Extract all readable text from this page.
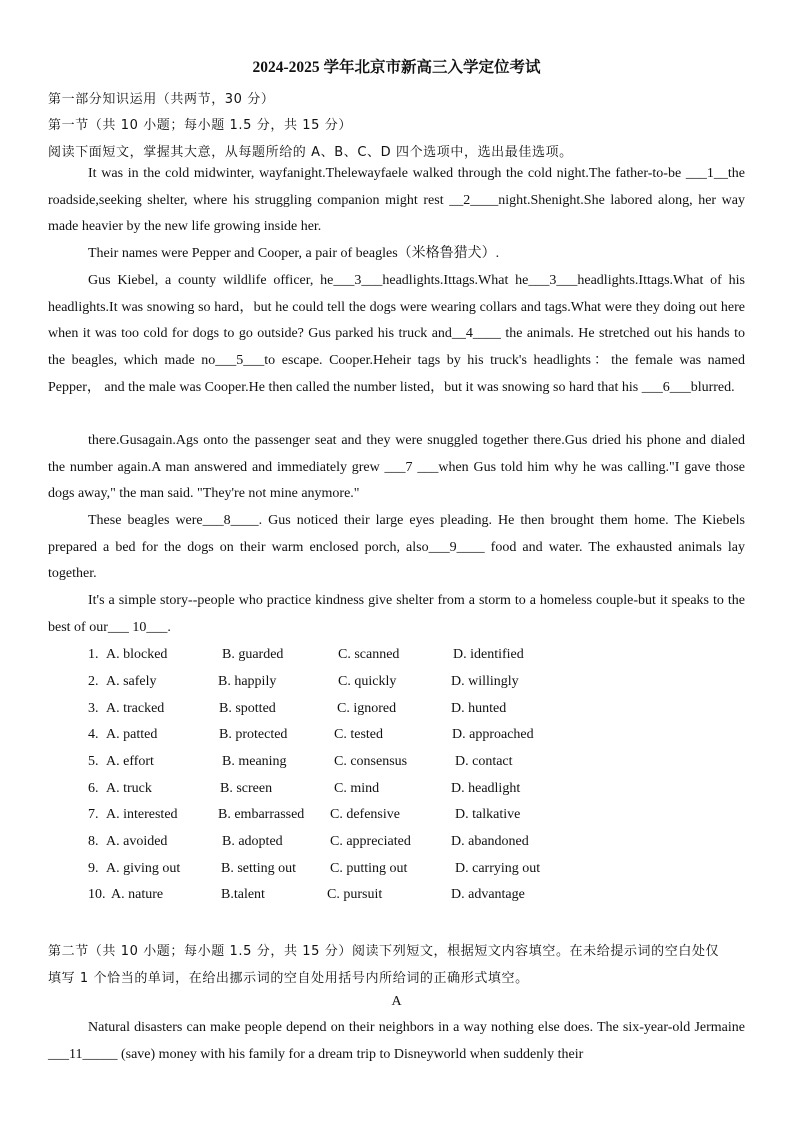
2024-2025 学年北京市新高三入学定位考试
第一部分知识运用（共两节，30 分）
第一节（共 10 小题；每小题 1.5 分，共 15 分）
阅读下面短文，掌握其大意，从每题所给的 A、B、C、D 四个选项中，选出最佳选项。

It was in the cold midwinter, wayfanight.Thelewayfaele walked through the cold night.The father-to-be ___1__the roadside,seeking shelter, where his struggling companion might rest __2____night.Shenight.She labored along, her way made heavier by the new life growing inside her.

Their names were Pepper and Cooper, a pair of beagles（米格鲁猎犬）.

Gus Kiebel, a county wildlife officer, he___3___headlights.Ittags.What he___3___headlights.Ittags.What of his headlights.It was snowing so hard，but he could tell the dogs were wearing collars and tags.What were they doing out here when it was too cold for dogs to go outside? Gus parked his truck and__4____ the animals. He stretched out his hands to the beagles, which made no___5___to escape. Cooper.Heheir tags by his truck's headlights：the female was named Pepper， and the male was Cooper.He then called the number listed，but it was snowing so hard that his ___6___blurred.

there.Gusagain.Ags onto the passenger seat and they were snuggled together there.Gus dried his phone and dialed the number again.A man answered and immediately grew ___7 ___when Gus told him why he was calling."I gave those dogs away," the man said. "They're not mine anymore."

These beagles were___8____. Gus noticed their large eyes pleading. He then brought them home. The Kiebels prepared a bed for the dogs on their warm enclosed porch, also___9____ food and water. The exhausted animals lay together.

It's a simple story--people who practice kindness give shelter from a storm to a homeless couple-but it speaks to the best of our___ 10___.

1. A. blocked	B. guarded	C. scanned	D. identified
2. A. safely	B. happily	C. quickly	D. willingly
3. A. tracked	B. spotted	C. ignored	D. hunted
4. A. patted	B. protected	C. tested	D. approached
5. A. effort	B. meaning	C. consensus	D. contact
6. A. truck	B. screen	C. mind	D. headlight
7. A. interested	B. embarrassed C. defensive	D. talkative
8. A. avoided	B. adopted	C. appreciated	D. abandoned
9. A. giving out	B. setting out C. putting out	D. carrying out
10. A. nature	B.talent	C. pursuit	D. advantage
第二节（共 10 小题；每小题 1.5 分，共 15 分）阅读下列短文，根据短文内容填空。在未给提示词的空白处仅
填写 1 个恰当的单词，在给出挪示词的空自处用括号内所给词的正确形式填空。
A

Natural disasters can make people depend on their neighbors in a way nothing else does. The six-year-old Jermaine ___11_____ (save) money with his family for a dream trip to Disneyworld when suddenly their
